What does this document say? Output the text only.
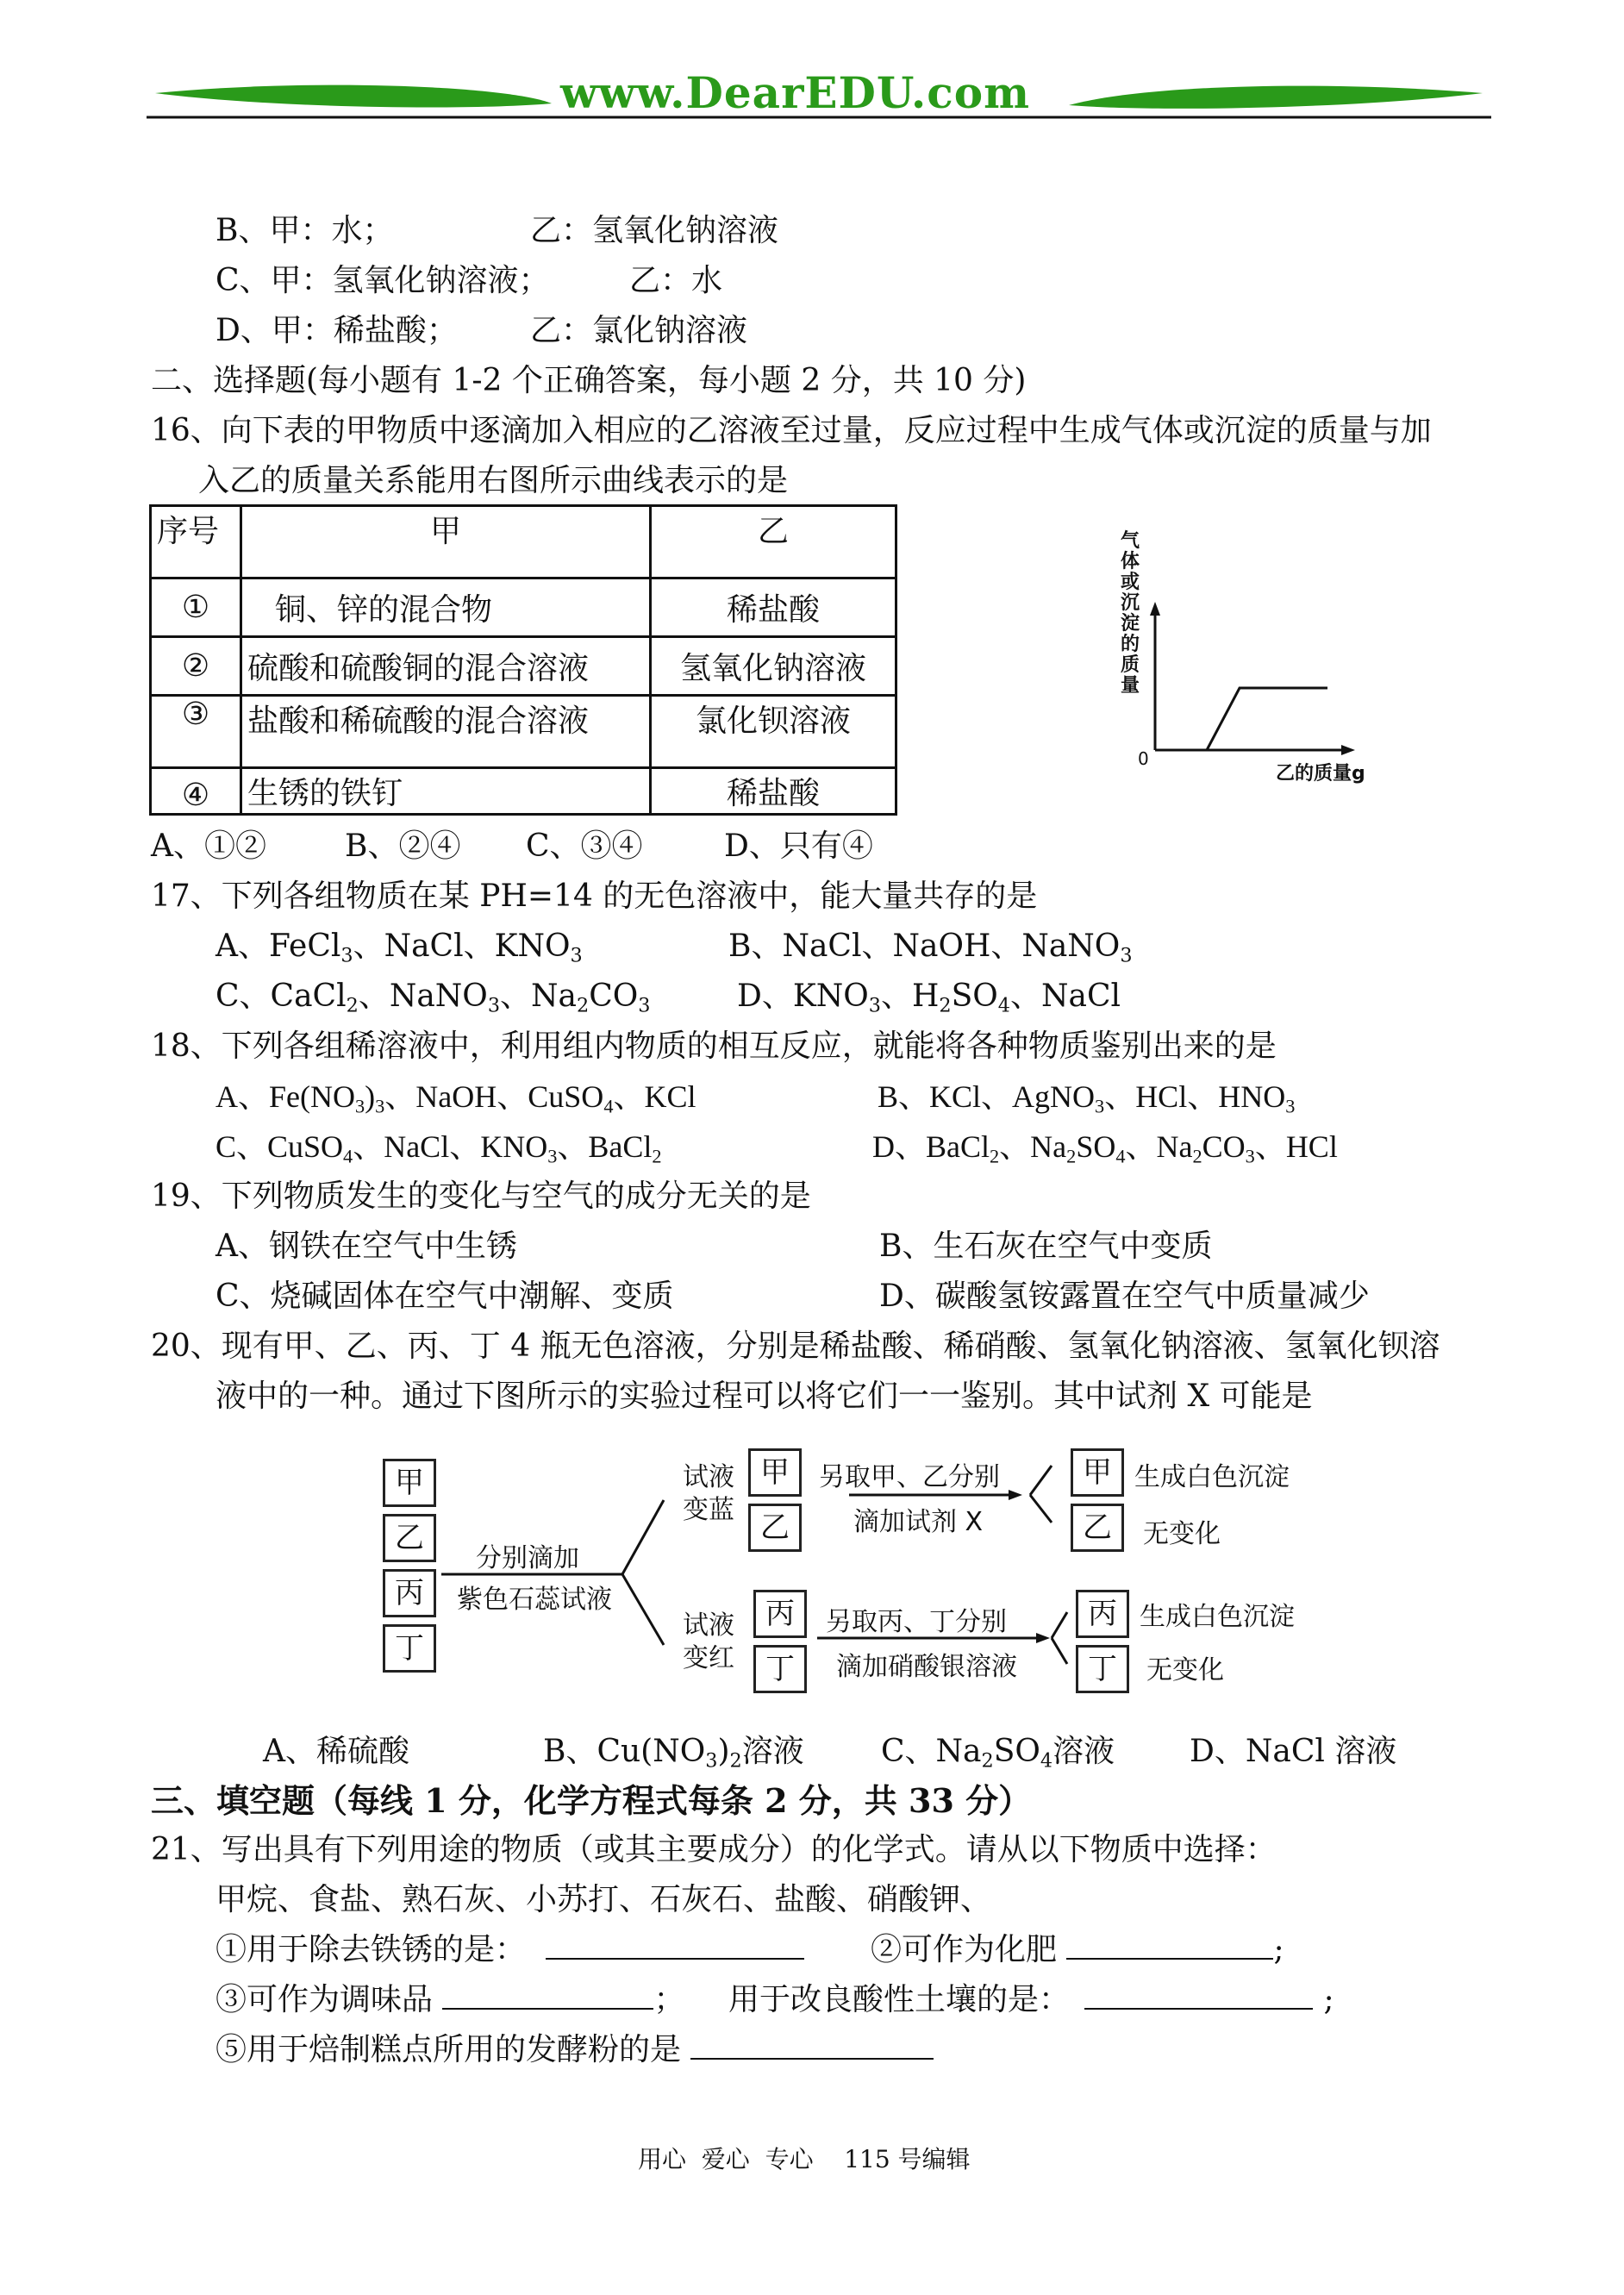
www.DearEDU.com
B、甲：水；	乙：氢氧化钠溶液
C、甲：氢氧化钠溶液；	乙：水
D、甲：稀盐酸； 乙：氯化钠溶液
二、选择题(每小题有 1-2 个正确答案，每小题 2 分，共 10 分)
16、向下表的甲物质中逐滴加入相应的乙溶液至过量，反应过程中生成气体或沉淀的质量与加
入乙的质量关系能用右图所示曲线表示的是
序号	甲	乙
①	铜、锌的混合物	稀盐酸
②	硫酸和硫酸铜的混合溶液	氢氧化钠溶液
③	盐酸和稀硫酸的混合溶液	氯化钡溶液
④	生锈的铁钉	稀盐酸
气体或沉淀的质量
0
乙的质量g
A、①②	B、②④ C、③④	D、只有④
17、下列各组物质在某 PH=14 的无色溶液中，能大量共存的是
A、FeCl$_3$、NaCl、$KNO_3$	B、NaCl、NaOH、NaNO$_3$
C、CaCl$_2$、NaNO$_3$、$Na_2CO_3$	D、$KNO_3$、$H_2SO_4$、NaCl
18、下列各组稀溶液中，利用组内物质的相互反应，就能将各种物质鉴别出来的是
A、$Fe(NO_3)_3$、NaOH、CuSO$_4$、KCl	B、KCl、AgNO$_3$、HCl、$HNO_3$
C、CuSO$_4$、NaCl、$KNO_3$、BaCl$_2$	D、BaCl$_2$、$Na_2SO_4$、$Na_2CO_3$、HCl
19、下列物质发生的变化与空气的成分无关的是
A、钢铁在空气中生锈	B、生石灰在空气中变质
C、烧碱固体在空气中潮解、变质	D、碳酸氢铵露置在空气中质量减少
20、现有甲、乙、丙、丁 4 瓶无色溶液，分别是稀盐酸、稀硝酸、氢氧化钠溶液、氢氧化钡溶
液中的一种。通过下图所示的实验过程可以将它们一一鉴别。其中试剂 X 可能是
甲
乙
丙
丁
分别滴加
紫色石蕊试液
试液
变蓝
甲
乙
另取甲、乙分别
滴加试剂 X
甲
乙
生成白色沉淀
无变化
试液
变红
丙
丁
另取丙、丁分别
滴加硝酸银溶液
丙
丁
生成白色沉淀
无变化
A、稀硫酸	B、$Cu(NO_3)_2$溶液 C、$Na_2SO_4$溶液 D、NaCl 溶液
三、填空题（每线 1 分，化学方程式每条 2 分，共 33 分）
21、写出具有下列用途的物质（或其主要成分）的化学式。请从以下物质中选择：
甲烷、食盐、熟石灰、小苏打、石灰石、盐酸、硝酸钾、
①用于除去铁锈的是：	②可作为化肥	;
③可作为调味品	； 用于改良酸性土壤的是：	;
⑤用于焙制糕点所用的发酵粉的是
用心  爱心  专心    115 号编辑
